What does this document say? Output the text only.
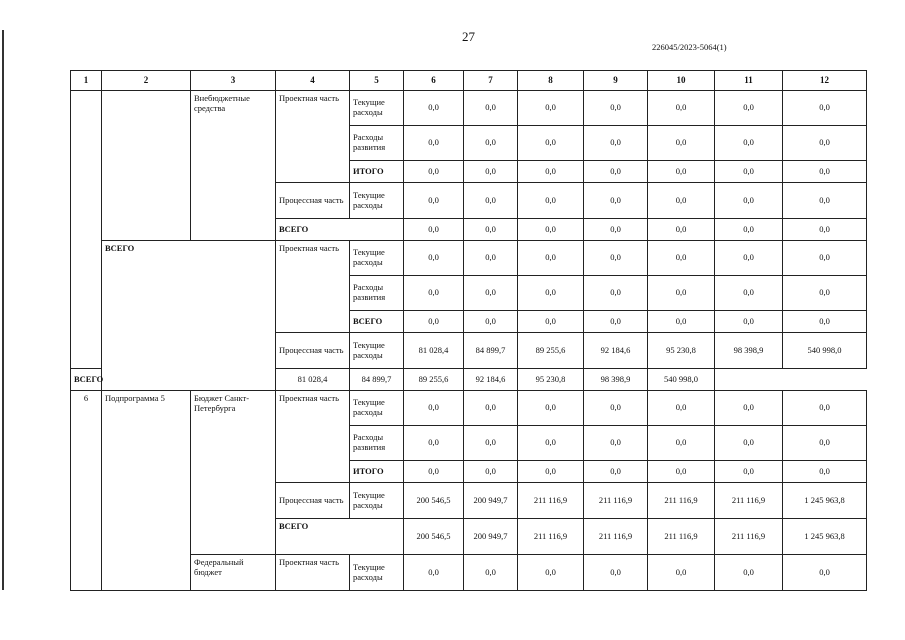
27
226045/2023-5064(1)
1	2	3	4	5	6	7	8	9	10	11	12
		Внебюджетные средства	Проектная часть	Текущие расходы	0,0	0,0	0,0	0,0	0,0	0,0	0,0
				Расходы развития	0,0	0,0	0,0	0,0	0,0	0,0	0,0
				ИТОГО	0,0	0,0	0,0	0,0	0,0	0,0	0,0
			Процессная часть	Текущие расходы	0,0	0,0	0,0	0,0	0,0	0,0	0,0
			ВСЕГО		0,0	0,0	0,0	0,0	0,0	0,0	0,0
	ВСЕГО		Проектная часть	Текущие расходы	0,0	0,0	0,0	0,0	0,0	0,0	0,0
				Расходы развития	0,0	0,0	0,0	0,0	0,0	0,0	0,0
				ВСЕГО	0,0	0,0	0,0	0,0	0,0	0,0	0,0
			Процессная часть	Текущие расходы	81 028,4	84 899,7	89 255,6	92 184,6	95 230,8	98 398,9	540 998,0
ВСЕГО			81 028,4	84 899,7	89 255,6	92 184,6	95 230,8	98 398,9	540 998,0		
6	Подпрограмма 5	Бюджет Санкт-Петербурга	Проектная часть	Текущие расходы	0,0	0,0	0,0	0,0	0,0	0,0	0,0
				Расходы развития	0,0	0,0	0,0	0,0	0,0	0,0	0,0
				ИТОГО	0,0	0,0	0,0	0,0	0,0	0,0	0,0
			Процессная часть	Текущие расходы	200 546,5	200 949,7	211 116,9	211 116,9	211 116,9	211 116,9	1 245 963,8
			ВСЕГО		200 546,5	200 949,7	211 116,9	211 116,9	211 116,9	211 116,9	1 245 963,8
		Федеральный бюджет	Проектная часть	Текущие расходы	0,0	0,0	0,0	0,0	0,0	0,0	0,0
